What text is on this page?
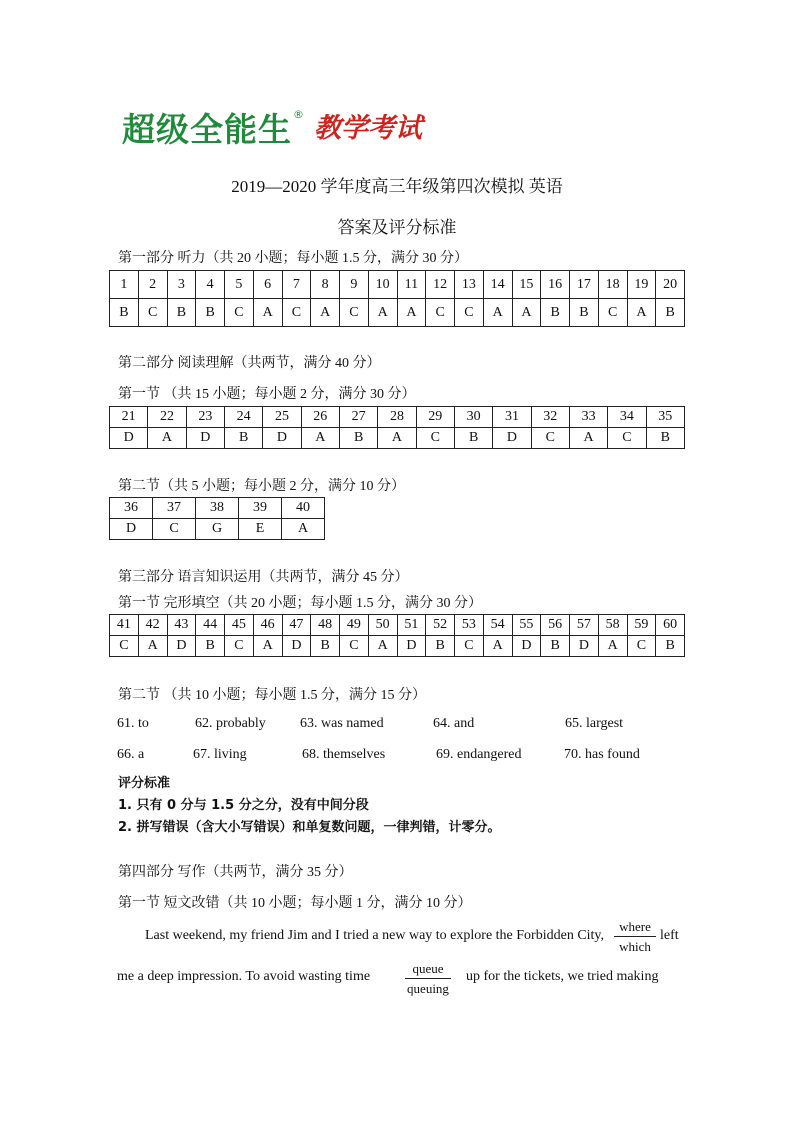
超级全能生 ® 教学考试
2019—2020 学年度高三年级第四次模拟 英语
答案及评分标准
第一部分 听力（共 20 小题；每小题 1.5 分，满分 30 分）
1	2	3	4	5	6	7	8	9	10	11	12	13	14	15	16	17	18	19	20
B	C	B	B	C	A	C	A	C	A	A	C	C	A	A	B	B	C	A	B
第二部分 阅读理解（共两节，满分 40 分）
第一节 （共 15 小题；每小题 2 分，满分 30 分）
21	22	23	24	25	26	27	28	29	30	31	32	33	34	35
D	A	D	B	D	A	B	A	C	B	D	C	A	C	B
第二节（共 5 小题；每小题 2 分，满分 10 分）
36	37	38	39	40
D	C	G	E	A
第三部分 语言知识运用（共两节，满分 45 分）
第一节 完形填空（共 20 小题；每小题 1.5 分，满分 30 分）
41	42	43	44	45	46	47	48	49	50	51	52	53	54	55	56	57	58	59	60
C	A	D	B	C	A	D	B	C	A	D	B	C	A	D	B	D	A	C	B
第二节 （共 10 小题；每小题 1.5 分，满分 15 分）
61. to	62. probably 63. was named	64. and	65. largest
66. a	67. living	68. themselves	69. endangered	70. has found
评分标准
1. 只有 0 分与 1.5 分之分，没有中间分段
2. 拼写错误（含大小写错误）和单复数问题，一律判错，计零分。
第四部分 写作（共两节，满分 35 分）
第一节 短文改错（共 10 小题；每小题 1 分，满分 10 分）
Last weekend, my friend Jim and I tried a new way to explore the Forbidden City,
where
which
left
me a deep impression. To avoid wasting time
queue
queuing
up for the tickets, we tried making
